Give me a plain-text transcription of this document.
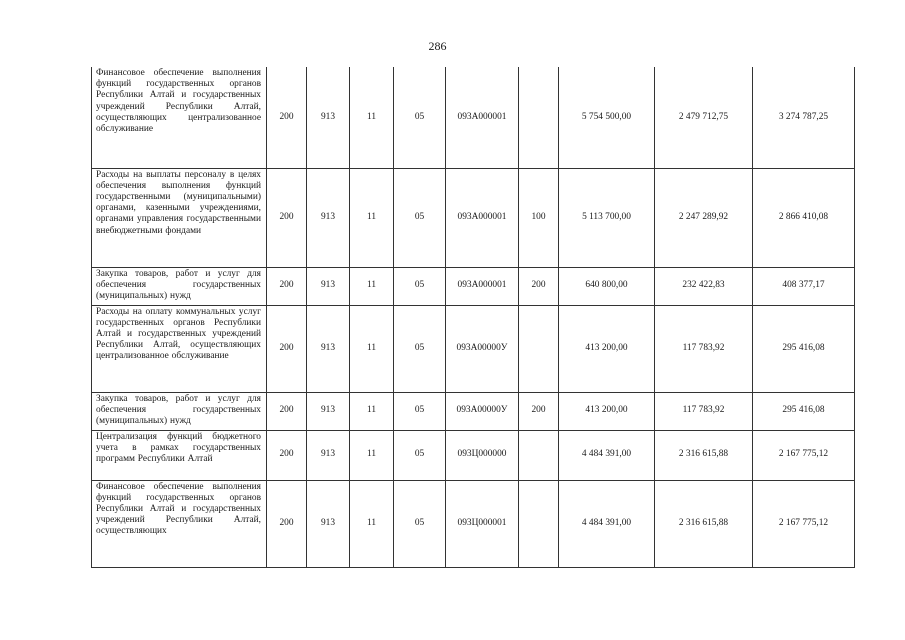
286
Финансовое обеспечение выполнения функций государственных органов Республики Алтай и государственных учреждений Республики Алтай, осуществляющих централизованное обслуживание	200	913	11	05	093А000001		5 754 500,00	2 479 712,75	3 274 787,25
Расходы на выплаты персоналу в целях обеспечения выполнения функций государственными (муниципальными) органами, казенными учреждениями, органами управления государственными внебюджетными фондами	200	913	11	05	093А000001	100	5 113 700,00	2 247 289,92	2 866 410,08
Закупка товаров, работ и услуг для обеспечения государственных (муниципальных) нужд	200	913	11	05	093А000001	200	640 800,00	232 422,83	408 377,17
Расходы на оплату коммунальных услуг государственных органов Республики Алтай и государственных учреждений Республики Алтай, осуществляющих централизованное обслуживание	200	913	11	05	093А00000У		413 200,00	117 783,92	295 416,08
Закупка товаров, работ и услуг для обеспечения государственных (муниципальных) нужд	200	913	11	05	093А00000У	200	413 200,00	117 783,92	295 416,08
Централизация функций бюджетного учета в рамках государственных программ Республики Алтай	200	913	11	05	093Ц000000		4 484 391,00	2 316 615,88	2 167 775,12
Финансовое обеспечение выполнения функций государственных органов Республики Алтай и государственных учреждений Республики Алтай, осуществляющих	200	913	11	05	093Ц000001		4 484 391,00	2 316 615,88	2 167 775,12
